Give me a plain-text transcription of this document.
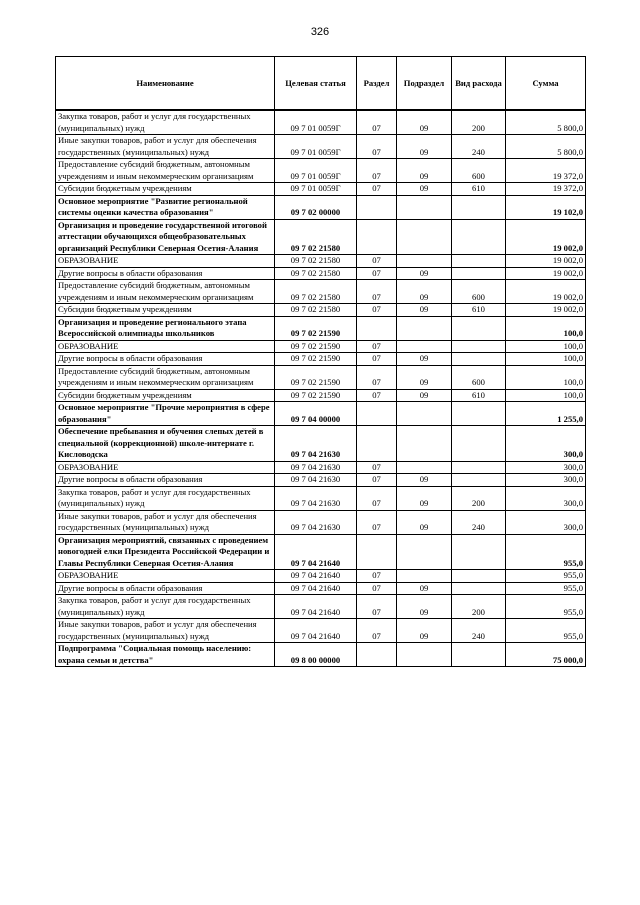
326
Наименование	Целевая статья	Раздел	Подраздел	Вид расхода	Сумма
Закупка товаров, работ и услуг для государственных (муниципальных) нужд	09 7 01 0059Г	07	09	200	5 800,0
Иные закупки товаров, работ и услуг для обеспечения государственных (муниципальных) нужд	09 7 01 0059Г	07	09	240	5 800,0
Предоставление субсидий бюджетным, автономным учреждениям и иным некоммерческим организациям	09 7 01 0059Г	07	09	600	19 372,0
Субсидии бюджетным учреждениям	09 7 01 0059Г	07	09	610	19 372,0
Основное мероприятие "Развитие региональной системы оценки качества образования"	09 7 02 00000				19 102,0
Организация и проведение государственной итоговой аттестации обучающихся общеобразовательных организаций Республики Северная Осетия-Алания	09 7 02 21580				19 002,0
ОБРАЗОВАНИЕ	09 7 02 21580	07			19 002,0
Другие вопросы в области образования	09 7 02 21580	07	09		19 002,0
Предоставление субсидий бюджетным, автономным учреждениям и иным некоммерческим организациям	09 7 02 21580	07	09	600	19 002,0
Субсидии бюджетным учреждениям	09 7 02 21580	07	09	610	19 002,0
Организация и проведение регионального этапа Всероссийской олимпиады школьников	09 7 02 21590				100,0
ОБРАЗОВАНИЕ	09 7 02 21590	07			100,0
Другие вопросы в области образования	09 7 02 21590	07	09		100,0
Предоставление субсидий бюджетным, автономным учреждениям и иным некоммерческим организациям	09 7 02 21590	07	09	600	100,0
Субсидии бюджетным учреждениям	09 7 02 21590	07	09	610	100,0
Основное мероприятие "Прочие мероприятия в сфере образования"	09 7 04 00000				1 255,0
Обеспечение пребывания и обучения слепых детей в специальной (коррекционной) школе-интернате г. Кисловодска	09 7 04 21630				300,0
ОБРАЗОВАНИЕ	09 7 04 21630	07			300,0
Другие вопросы в области образования	09 7 04 21630	07	09		300,0
Закупка товаров, работ и услуг для государственных (муниципальных) нужд	09 7 04 21630	07	09	200	300,0
Иные закупки товаров, работ и услуг для обеспечения государственных (муниципальных) нужд	09 7 04 21630	07	09	240	300,0
Организация мероприятий, связанных с проведением новогодней елки Президента Российской Федерации и Главы Республики Северная Осетия-Алания	09 7 04 21640				955,0
ОБРАЗОВАНИЕ	09 7 04 21640	07			955,0
Другие вопросы в области образования	09 7 04 21640	07	09		955,0
Закупка товаров, работ и услуг для государственных (муниципальных) нужд	09 7 04 21640	07	09	200	955,0
Иные закупки товаров, работ и услуг для обеспечения государственных (муниципальных) нужд	09 7 04 21640	07	09	240	955,0
Подпрограмма "Социальная помощь населению: охрана семьи и детства"	09 8 00 00000				75 000,0
